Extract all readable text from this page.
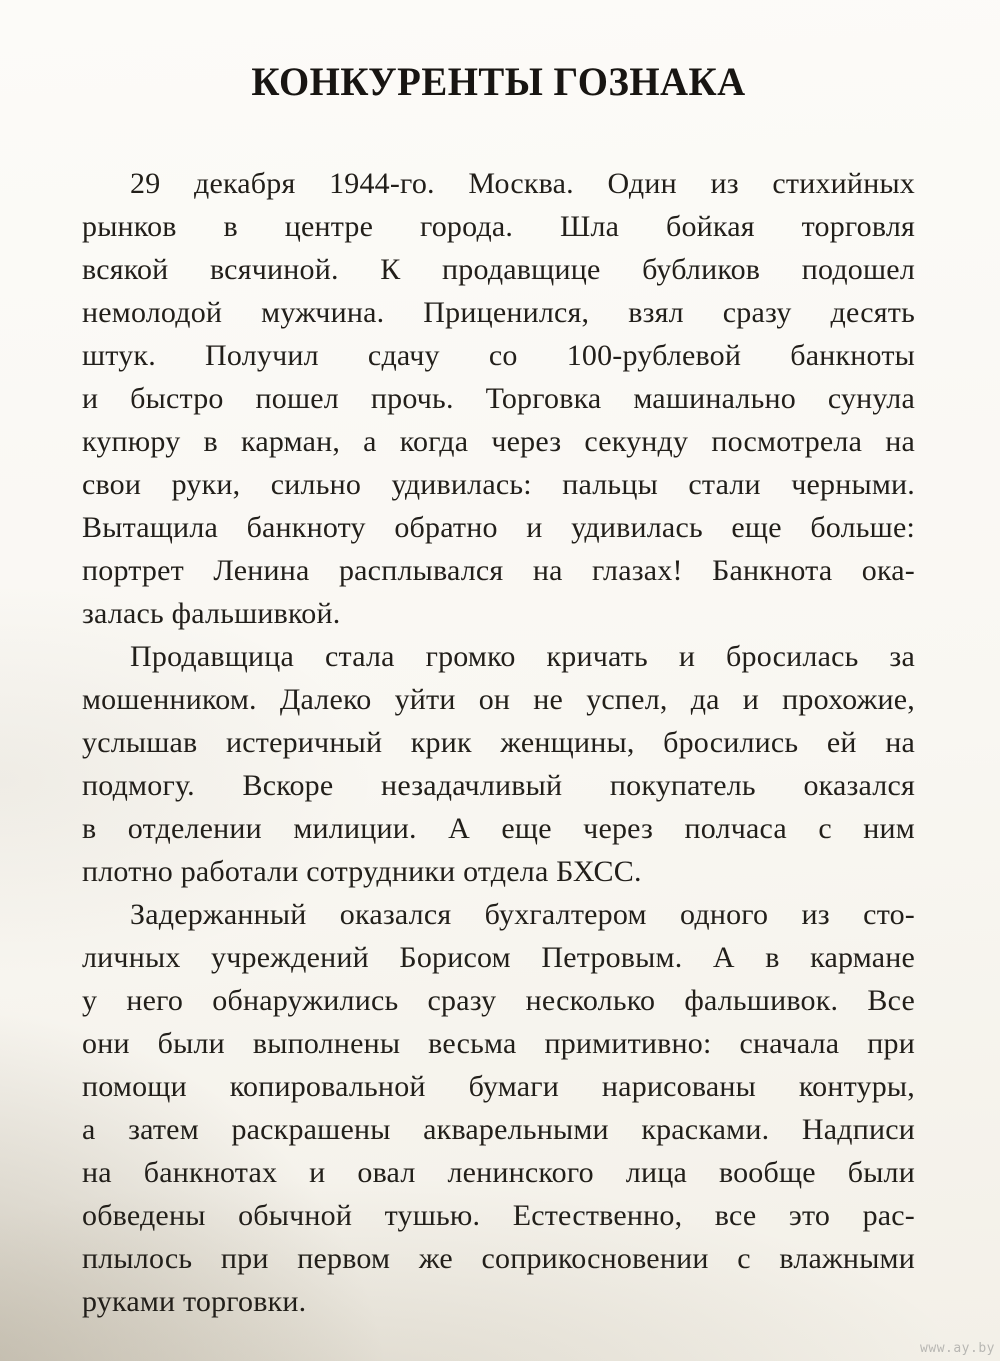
КОНКУРЕНТЫ ГОЗНАКА
29 декабря 1944-го. Москва. Один из стихийных
рынков в центре города. Шла бойкая торговля
всякой всячиной. К продавщице бубликов подошел
немолодой мужчина. Приценился, взял сразу десять
штук. Получил сдачу со 100-рублевой банкноты
и быстро пошел прочь. Торговка машинально сунула
купюру в карман, а когда через секунду посмотрела на
свои руки, сильно удивилась: пальцы стали черными.
Вытащила банкноту обратно и удивилась еще больше:
портрет Ленина расплывался на глазах! Банкнота ока-
залась фальшивкой.
Продавщица стала громко кричать и бросилась за
мошенником. Далеко уйти он не успел, да и прохожие,
услышав истеричный крик женщины, бросились ей на
подмогу. Вскоре незадачливый покупатель оказался
в отделении милиции. А еще через полчаса с ним
плотно работали сотрудники отдела БХСС.
Задержанный оказался бухгалтером одного из сто-
личных учреждений Борисом Петровым. А в кармане
у него обнаружились сразу несколько фальшивок. Все
они были выполнены весьма примитивно: сначала при
помощи копировальной бумаги нарисованы контуры,
а затем раскрашены акварельными красками. Надписи
на банкнотах и овал ленинского лица вообще были
обведены обычной тушью. Естественно, все это рас-
плылось при первом же соприкосновении с влажными
руками торговки.
www.ay.by
